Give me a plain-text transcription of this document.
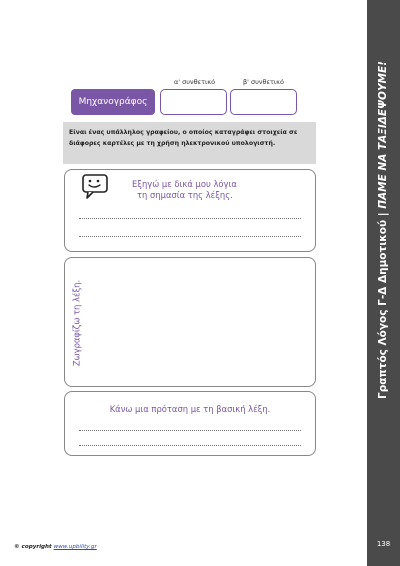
Γραπτός Λόγος Γ-Δ Δημοτικού | ΠΑΜΕ ΝΑ ΤΑΞΙΔΕΨΟΥΜΕ!
138
α' συνθετικό	β' συνθετικό
Μηχανογράφος
Είναι ένας υπάλληλος γραφείου, ο οποίος καταγράφει στοιχεία σε διάφορες καρτέλες με τη χρήση ηλεκτρονικού υπολογιστή.
Εξηγώ με δικά μου λόγια
τη σημασία της λέξης.
Ζωγραφίζω τη λέξη.
Κάνω μια πρόταση με τη βασική λέξη.
© copyright www.upbility.gr
